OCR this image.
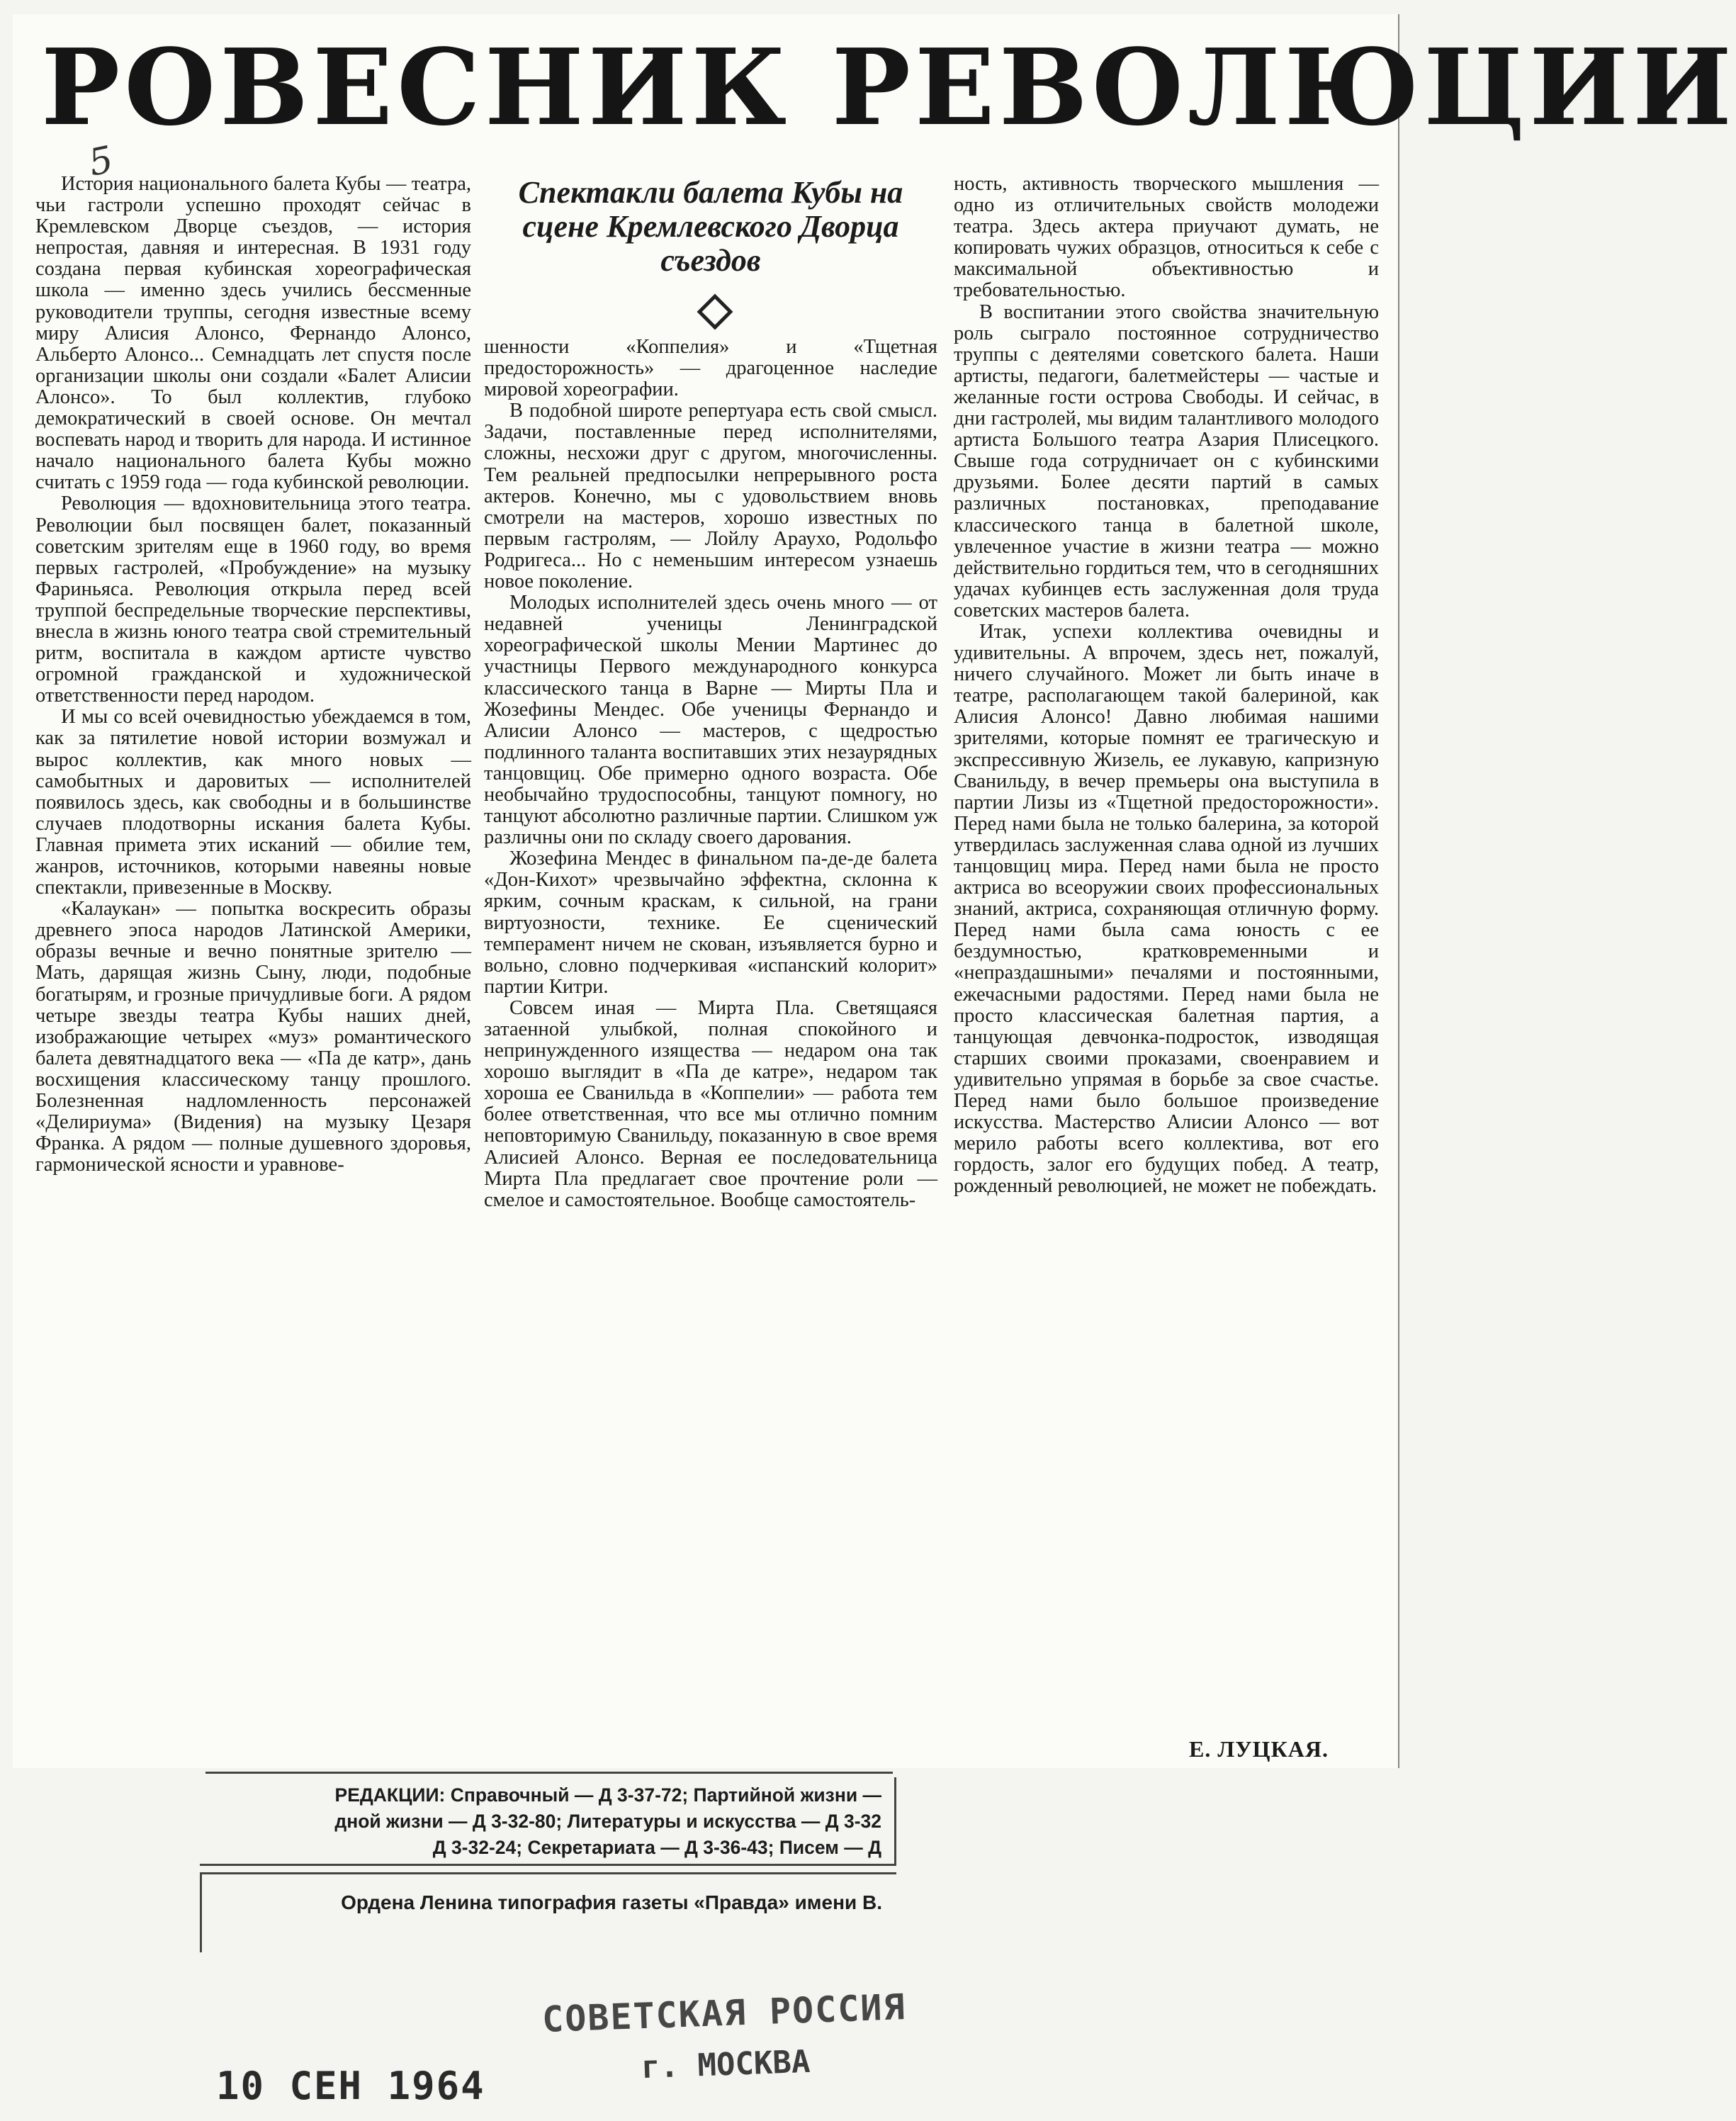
РОВЕСНИК РЕВОЛЮЦИИ
5

История национального балета Кубы — театра, чьи гастроли успешно проходят сейчас в Кремлевском Дворце съездов, — история непростая, давняя и интересная. В 1931 году создана первая кубинская хореографическая школа — именно здесь учились бессменные руководители труппы, сегодня известные всему миру Алисия Алонсо, Фернандо Алонсо, Альберто Алонсо... Семнадцать лет спустя после организации школы они создали «Балет Алисии Алонсо». То был коллектив, глубоко демократический в своей основе. Он мечтал воспевать народ и творить для народа. И истинное начало национального балета Кубы можно считать с 1959 года — года кубинской революции.

Революция — вдохновительница этого театра. Революции был посвящен балет, показанный советским зрителям еще в 1960 году, во время первых гастролей, «Пробуждение» на музыку Фариньяса. Революция открыла перед всей труппой беспредельные творческие перспективы, внесла в жизнь юного театра свой стремительный ритм, воспитала в каждом артисте чувство огромной гражданской и художнической ответственности перед народом.

И мы со всей очевидностью убеждаемся в том, как за пятилетие новой истории возмужал и вырос коллектив, как много новых — самобытных и даровитых — исполнителей появилось здесь, как свободны и в большинстве случаев плодотворны искания балета Кубы. Главная примета этих исканий — обилие тем, жанров, источников, которыми навеяны новые спектакли, привезенные в Москву.

«Калаукан» — попытка воскресить образы древнего эпоса народов Латинской Америки, образы вечные и вечно понятные зрителю — Мать, дарящая жизнь Сыну, люди, подобные богатырям, и грозные причудливые боги. А рядом четыре звезды театра Кубы наших дней, изображающие четырех «муз» романтического балета девятнадцатого века — «Па де катр», дань восхищения классическому танцу прошлого. Болезненная надломленность персонажей «Делириума» (Видения) на музыку Цезаря Франка. А рядом — полные душевного здоровья, гармонической ясности и уравнове-

Спектакли балета Кубы на сцене Кремлевского Дворца съездов

шенности «Коппелия» и «Тщетная предосторожность» — драгоценное наследие мировой хореографии.

В подобной широте репертуара есть свой смысл. Задачи, поставленные перед исполнителями, сложны, несхожи друг с другом, многочисленны. Тем реальней предпосылки непрерывного роста актеров. Конечно, мы с удовольствием вновь смотрели на мастеров, хорошо известных по первым гастролям, — Лойлу Араухо, Родольфо Родригеса... Но с неменьшим интересом узнаешь новое поколение.

Молодых исполнителей здесь очень много — от недавней ученицы Ленинградской хореографической школы Мении Мартинес до участницы Первого международного конкурса классического танца в Варне — Мирты Пла и Жозефины Мендес. Обе ученицы Фернандо и Алисии Алонсо — мастеров, с щедростью подлинного таланта воспитавших этих незаурядных танцовщиц. Обе примерно одного возраста. Обе необычайно трудоспособны, танцуют помногу, но танцуют абсолютно различные партии. Слишком уж различны они по складу своего дарования.

Жозефина Мендес в финальном па-де-де балета «Дон-Кихот» чрезвычайно эффектна, склонна к ярким, сочным краскам, к сильной, на грани виртуозности, технике. Ее сценический темперамент ничем не скован, изъявляется бурно и вольно, словно подчеркивая «испанский колорит» партии Китри.

Совсем иная — Мирта Пла. Светящаяся затаенной улыбкой, полная спокойного и непринужденного изящества — недаром она так хорошо выглядит в «Па де катре», недаром так хороша ее Сванильда в «Коппелии» — работа тем более ответственная, что все мы отлично помним неповторимую Сванильду, показанную в свое время Алисией Алонсо. Верная ее последовательница Мирта Пла предлагает свое прочтение роли — смелое и самостоятельное. Вообще самостоятель-

ность, активность творческого мышления — одно из отличительных свойств молодежи театра. Здесь актера приучают думать, не копировать чужих образцов, относиться к себе с максимальной объективностью и требовательностью.

В воспитании этого свойства значительную роль сыграло постоянное сотрудничество труппы с деятелями советского балета. Наши артисты, педагоги, балетмейстеры — частые и желанные гости острова Свободы. И сейчас, в дни гастролей, мы видим талантливого молодого артиста Большого театра Азария Плисецкого. Свыше года сотрудничает он с кубинскими друзьями. Более десяти партий в самых различных постановках, преподавание классического танца в балетной школе, увлеченное участие в жизни театра — можно действительно гордиться тем, что в сегодняшних удачах кубинцев есть заслуженная доля труда советских мастеров балета.

Итак, успехи коллектива очевидны и удивительны. А впрочем, здесь нет, пожалуй, ничего случайного. Может ли быть иначе в театре, располагающем такой балериной, как Алисия Алонсо! Давно любимая нашими зрителями, которые помнят ее трагическую и экспрессивную Жизель, ее лукавую, капризную Сванильду, в вечер премьеры она выступила в партии Лизы из «Тщетной предосторожности». Перед нами была не только балерина, за которой утвердилась заслуженная слава одной из лучших танцовщиц мира. Перед нами была не просто актриса во всеоружии своих профессиональных знаний, актриса, сохраняющая отличную форму. Перед нами была сама юность с ее бездумностью, кратковременными и «непраздашными» печалями и постоянными, ежечасными радостями. Перед нами была не просто классическая балетная партия, а танцующая девчонка-подросток, изводящая старших своими проказами, своенравием и удивительно упрямая в борьбе за свое счастье. Перед нами было большое произведение искусства. Мастерство Алисии Алонсо — вот мерило работы всего коллектива, вот его гордость, залог его будущих побед. А театр, рожденный революцией, не может не побеждать.

Е. ЛУЦКАЯ.
РЕДАКЦИИ: Справочный — Д 3-37-72; Партийной жизни —
дной жизни — Д 3-32-80; Литературы и искусства — Д 3-32
Д 3-32-24; Секретариата — Д 3-36-43; Писем — Д
Ордена Ленина типография газеты «Правда» имени В.
СОВЕТСКАЯ РОССИЯ
г. МОСКВА
10 СЕН 1964
